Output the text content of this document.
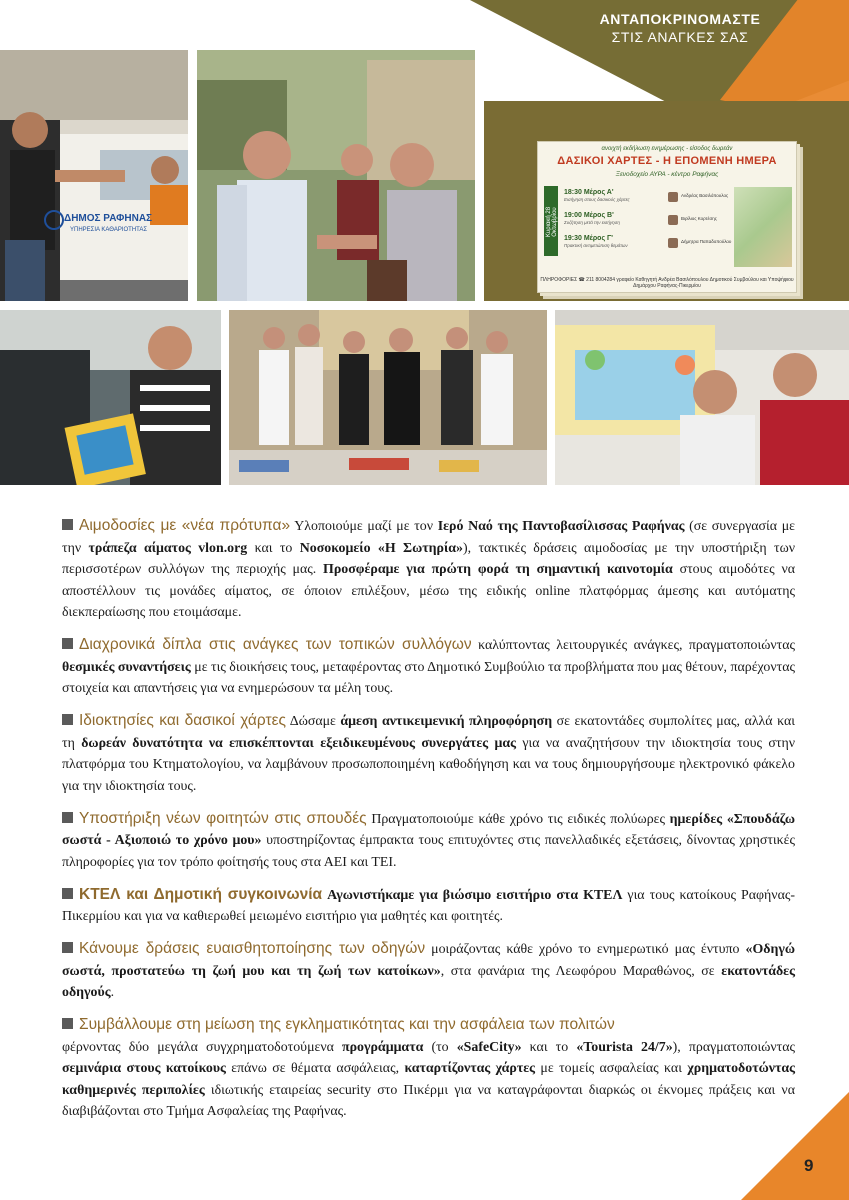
ΑΝΤΑΠΟΚΡΙΝΟΜΑΣΤΕ
ΣΤΙΣ ΑΝΑΓΚΕΣ ΣΑΣ
ΔΗΜΟΣ ΡΑΦΗΝΑΣ
ΥΠΗΡΕΣΙΑ ΚΑΘΑΡΙΟΤΗΤΑΣ
ανοιχτή εκδήλωση ενημέρωσης - είσοδος δωρεάν
ΔΑΣΙΚΟΙ ΧΑΡΤΕΣ - Η ΕΠΟΜΕΝΗ ΗΜΕΡΑ
Ξενοδοχείο ΑΥΡΑ - κέντρο Ραφήνας
Κυριακή 28 Οκτωβρίου
18:30 Μέρος Α'
Εισήγηση στους δασικούς χάρτες
19:00 Μέρος Β'
Συζήτηση μετά την εισήγηση
19:30 Μέρος Γ'
Πρακτική αντιμετώπιση θεμάτων
Ανδρέας Βασιλόπουλος
Βιρίλιος Κορτέσης
Δήμητρα Παπαδοπούλου
ΠΛΗΡΟΦΟΡΙΕΣ ☎ 211 8004284 γραφείο Καθηγητή Ανδρέα Βασιλόπουλου Δημοτικού Συμβούλου και Υποψήφιου Δημάρχου Ραφήνας-Πικερμίου

Αιμοδοσίες με «νέα πρότυπα» Υλοποιούμε μαζί με τον Ιερό Ναό της Παντοβασίλισσας Ραφήνας (σε συνεργασία με την τράπεζα αίματος vlon.org και το Νοσοκομείο «Η Σωτηρία»), τακτικές δράσεις αιμοδοσίας με την υποστήριξη των περισσοτέρων συλλόγων της περιοχής μας. Προσφέραμε για πρώτη φορά τη σημαντική καινοτομία στους αιμοδότες να αποστέλλουν τις μονάδες αίματος, σε όποιον επιλέξουν, μέσω της ειδικής online πλατφόρμας άμεσης και αυτόματης διεκπεραίωσης που ετοιμάσαμε.

Διαχρονικά δίπλα στις ανάγκες των τοπικών συλλόγων καλύπτοντας λειτουργικές ανάγκες, πραγματοποιώντας θεσμικές συναντήσεις με τις διοικήσεις τους, μεταφέροντας στο Δημοτικό Συμβούλιο τα προβλήματα που μας θέτουν, παρέχοντας στοιχεία και απαντήσεις για να ενημερώσουν τα μέλη τους.

Ιδιοκτησίες και δασικοί χάρτες Δώσαμε άμεση αντικειμενική πληροφόρηση σε εκατοντάδες συμπολίτες μας, αλλά και τη δωρεάν δυνατότητα να επισκέπτονται εξειδικευμένους συνεργάτες μας για να αναζητήσουν την ιδιοκτησία τους στην πλατφόρμα του Κτηματολογίου, να λαμβάνουν προσωποποιημένη καθοδήγηση και να τους δημιουργήσουμε ηλεκτρονικό φάκελο για την ιδιοκτησία τους.

Υποστήριξη νέων φοιτητών στις σπουδές Πραγματοποιούμε κάθε χρόνο τις ειδικές πολύωρες ημερίδες «Σπουδάζω σωστά - Αξιοποιώ το χρόνο μου» υποστηρίζοντας έμπρακτα τους επιτυχόντες στις πανελλαδικές εξετάσεις, δίνοντας χρηστικές πληροφορίες για τον τρόπο φοίτησής τους στα ΑΕΙ και ΤΕΙ.

ΚΤΕΛ και Δημοτική συγκοινωνία Αγωνιστήκαμε για βιώσιμο εισιτήριο στα ΚΤΕΛ για τους κατοίκους Ραφήνας-Πικερμίου και για να καθιερωθεί μειωμένο εισιτήριο για μαθητές και φοιτητές.

Κάνουμε δράσεις ευαισθητοποίησης των οδηγών μοιράζοντας κάθε χρόνο το ενημερωτικό μας έντυπο «Οδηγώ σωστά, προστατεύω τη ζωή μου και τη ζωή των κατοίκων», στα φανάρια της Λεωφόρου Μαραθώνος, σε εκατοντάδες οδηγούς.

Συμβάλλουμε στη μείωση της εγκληματικότητας και την ασφάλεια των πολιτών
φέρνοντας δύο μεγάλα συγχρηματοδοτούμενα προγράμματα (το «SafeCity» και το «Tourista 24/7»), πραγματοποιώντας σεμινάρια στους κατοίκους επάνω σε θέματα ασφάλειας, καταρτίζοντας χάρτες με τομείς ασφαλείας και χρηματοδοτώντας καθημερινές περιπολίες ιδιωτικής εταιρείας security στο Πικέρμι για να καταγράφονται διαρκώς οι έκνομες πράξεις και να διαβιβάζονται στο Τμήμα Ασφαλείας της Ραφήνας.

9
